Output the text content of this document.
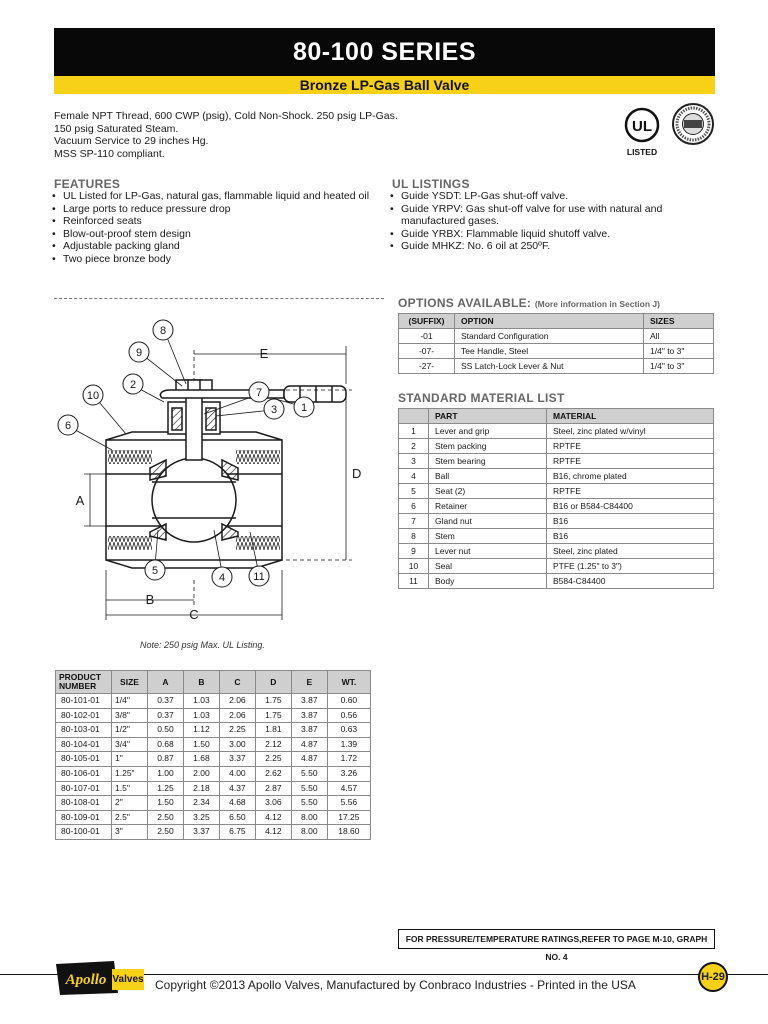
80-100 SERIES
Bronze LP-Gas Ball Valve
Female NPT Thread, 600 CWP (psig), Cold Non-Shock. 250 psig LP-Gas.
150 psig Saturated Steam.
Vacuum Service to 29 inches Hg.
MSS SP-110 compliant.
UL
LISTED
FEATURES
• UL Listed for LP-Gas, natural gas, flammable liquid and heated oil
• Large ports to reduce pressure drop
• Reinforced seats
• Blow-out-proof stem design
• Adjustable packing gland
• Two piece bronze body
UL LISTINGS
• Guide YSDT: LP-Gas shut-off valve.
• Guide YRPV: Gas shut-off valve for use with natural and manufactured gases.
• Guide YRBX: Flammable liquid shutoff valve.
• Guide MHKZ: No. 6 oil at 250ºF.
OPTIONS AVAILABLE: (More information in Section J)
(SUFFIX)	OPTION	SIZES
-01	Standard Configuration	All
-07-	Tee Handle, Steel	1/4" to 3"
-27-	SS Latch-Lock Lever & Nut	1/4" to 3"
STANDARD MATERIAL LIST
	PART	MATERIAL
1	Lever and grip	Steel, zinc plated w/vinyl
2	Stem packing	RPTFE
3	Stem bearing	RPTFE
4	Ball	B16, chrome plated
5	Seat (2)	RPTFE
6	Retainer	B16 or B584-C84400
7	Gland nut	B16
8	Stem	B16
9	Lever nut	Steel, zinc plated
10	Seal	PTFE (1.25" to 3")
11	Body	B584-C84400
E
D
B
C
A
1
2
3
4
5
6
7
8
9
10
11
Note: 250 psig Max. UL Listing.
PRODUCT NUMBER	SIZE	A	B	C	D	E	WT.
80-101-01	1/4"	0.37	1.03	2.06	1.75	3.87	0.60
80-102-01	3/8"	0.37	1.03	2.06	1.75	3.87	0.56
80-103-01	1/2"	0.50	1.12	2.25	1.81	3.87	0.63
80-104-01	3/4"	0.68	1.50	3.00	2.12	4.87	1.39
80-105-01	1"	0.87	1.68	3.37	2.25	4.87	1.72
80-106-01	1.25"	1.00	2.00	4.00	2.62	5.50	3.26
80-107-01	1.5"	1.25	2.18	4.37	2.87	5.50	4.57
80-108-01	2"	1.50	2.34	4.68	3.06	5.50	5.56
80-109-01	2.5"	2.50	3.25	6.50	4.12	8.00	17.25
80-100-01	3"	2.50	3.37	6.75	4.12	8.00	18.60
FOR PRESSURE/TEMPERATURE RATINGS,REFER TO PAGE M-10, GRAPH NO. 4
Apollo Valves Copyright ©2013 Apollo Valves, Manufactured by Conbraco Industries - Printed in the USA
H-29
